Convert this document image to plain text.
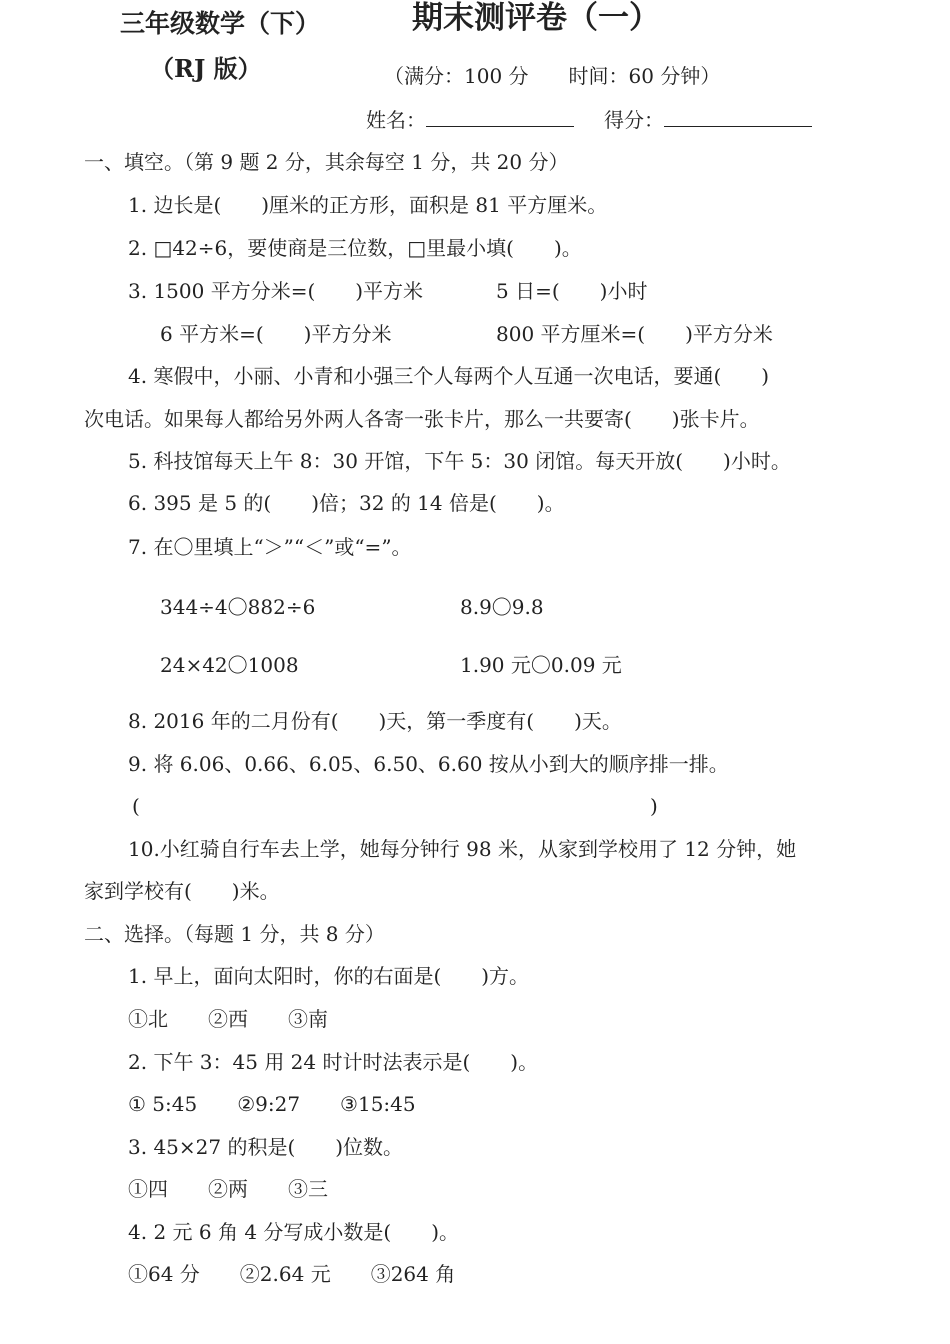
三年级数学（下）	期末测评卷（一）
（RJ 版）	（满分：100 分　　时间：60 分钟）
姓名：	得分：
一、填空。（第 9 题 2 分，其余每空 1 分，共 20 分）
1. 边长是(　　)厘米的正方形，面积是 81 平方厘米。
2. □42÷6，要使商是三位数，□里最小填(　　)。
3. 1500 平方分米=(　　)平方米	5 日=(　　)小时
6 平方米=(　　)平方分米	800 平方厘米=(　　)平方分米
4. 寒假中，小丽、小青和小强三个人每两个人互通一次电话，要通(　　)
次电话。如果每人都给另外两人各寄一张卡片，那么一共要寄(　　)张卡片。
5. 科技馆每天上午 8：30 开馆，下午 5：30 闭馆。每天开放(　　)小时。
6. 395 是 5 的(　　)倍；32 的 14 倍是(　　)。
7. 在〇里填上“＞”“＜”或“=”。
344÷4〇882÷6	8.9〇9.8
24×42〇1008	1.90 元〇0.09 元
8. 2016 年的二月份有(　　)天，第一季度有(　　)天。
9. 将 6.06、0.66、6.05、6.50、6.60 按从小到大的顺序排一排。
(	)
10.小红骑自行车去上学，她每分钟行 98 米，从家到学校用了 12 分钟，她
家到学校有(　　)米。
二、选择。（每题 1 分，共 8 分）
1. 早上，面向太阳时，你的右面是(　　)方。
①北　　②西　　③南
2. 下午 3：45 用 24 时计时法表示是(　　)。
① 5:45　　②9:27　　③15:45
3. 45×27 的积是(　　)位数。
①四　　②两　　③三
4. 2 元 6 角 4 分写成小数是(　　)。
①64 分　　②2.64 元　　③264 角
